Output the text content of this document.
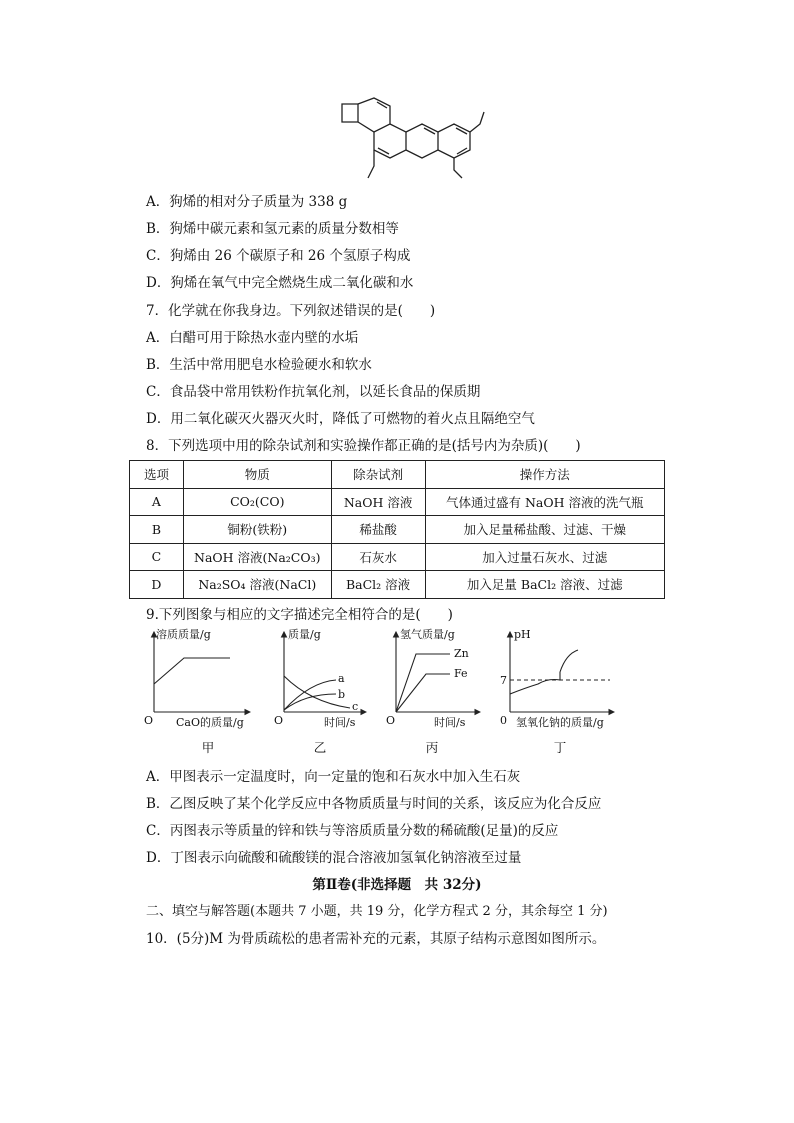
A．狗烯的相对分子质量为 338 g
B．狗烯中碳元素和氢元素的质量分数相等
C．狗烯由 26 个碳原子和 26 个氢原子构成
D．狗烯在氧气中完全燃烧生成二氧化碳和水
7．化学就在你我身边。下列叙述错误的是(　　)
A．白醋可用于除热水壶内壁的水垢
B．生活中常用肥皂水检验硬水和软水
C．食品袋中常用铁粉作抗氧化剂，以延长食品的保质期
D．用二氧化碳灭火器灭火时，降低了可燃物的着火点且隔绝空气
8．下列选项中用的除杂试剂和实验操作都正确的是(括号内为杂质)(　　)
选项	物质	除杂试剂	操作方法
A	CO₂(CO)	NaOH 溶液	气体通过盛有 NaOH 溶液的洗气瓶
B	铜粉(铁粉)	稀盐酸	加入足量稀盐酸、过滤、干燥
C	NaOH 溶液(Na₂CO₃)	石灰水	加入过量石灰水、过滤
D	Na₂SO₄ 溶液(NaCl)	BaCl₂ 溶液	加入足量 BaCl₂ 溶液、过滤
9.下列图象与相应的文字描述完全相符合的是(　　)
溶质质量/g
CaO的质量/g
O
质量/g
时间/s
O
a
b
c
氢气质量/g
时间/s
O
Zn
Fe
pH
氢氧化钠的质量/g
0
7
甲	乙	丙	丁
A．甲图表示一定温度时，向一定量的饱和石灰水中加入生石灰
B．乙图反映了某个化学反应中各物质质量与时间的关系，该反应为化合反应
C．丙图表示等质量的锌和铁与等溶质质量分数的稀硫酸(足量)的反应
D．丁图表示向硫酸和硫酸镁的混合溶液加氢氧化钠溶液至过量
第Ⅱ卷(非选择题　共 32分)
二、填空与解答题(本题共 7 小题，共 19 分，化学方程式 2 分，其余每空 1 分)
10．(5分)M 为骨质疏松的患者需补充的元素，其原子结构示意图如图所示。
